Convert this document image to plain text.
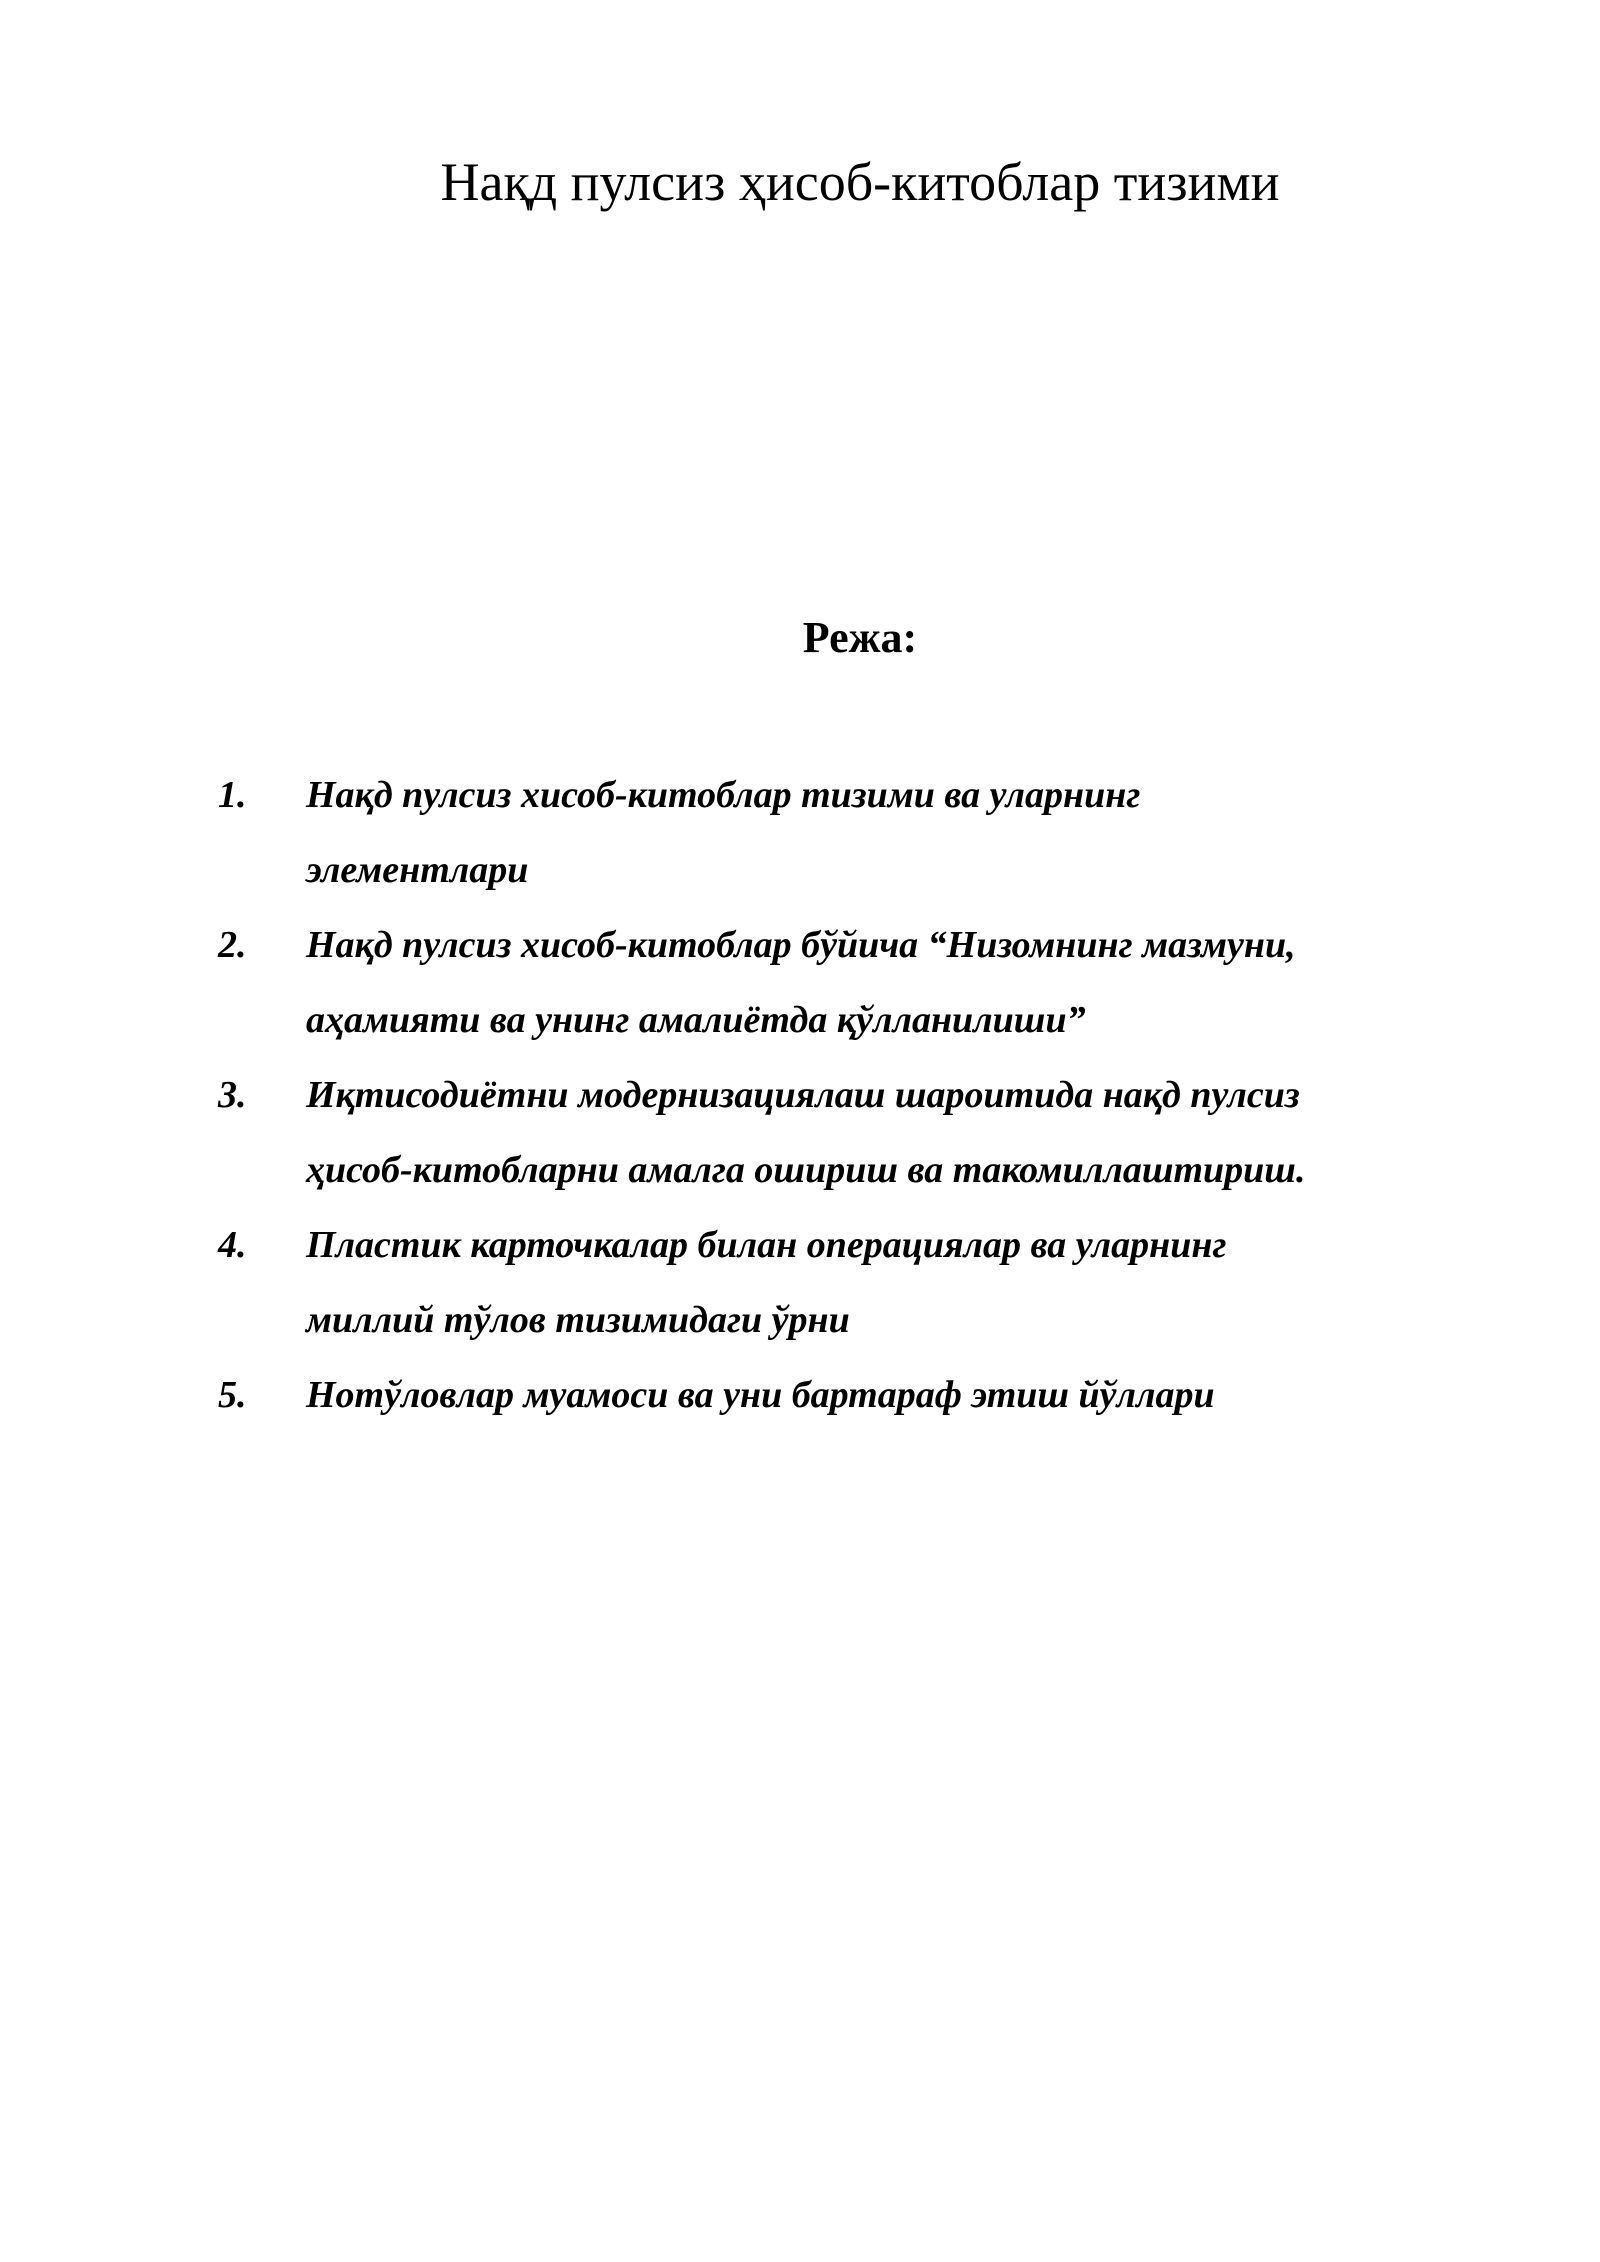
Нақд пулсиз ҳисоб-китоблар тизими
Режа:
1.	Нақд пулсиз хисоб-китоблар тизими ва уларнинг
элементлари
2.	Нақд пулсиз хисоб-китоблар бўйича “Низомнинг мазмуни,
аҳамияти ва унинг амалиётда қўлланилиши”
3.	Иқтисодиётни модернизациялаш шароитида нақд пулсиз
ҳисоб-китобларни амалга ошириш ва такомиллаштириш.
4.	Пластик карточкалар билан операциялар ва уларнинг
миллий тўлов тизимидаги ўрни
5.	Нотўловлар муамоси ва уни бартараф этиш йўллари
